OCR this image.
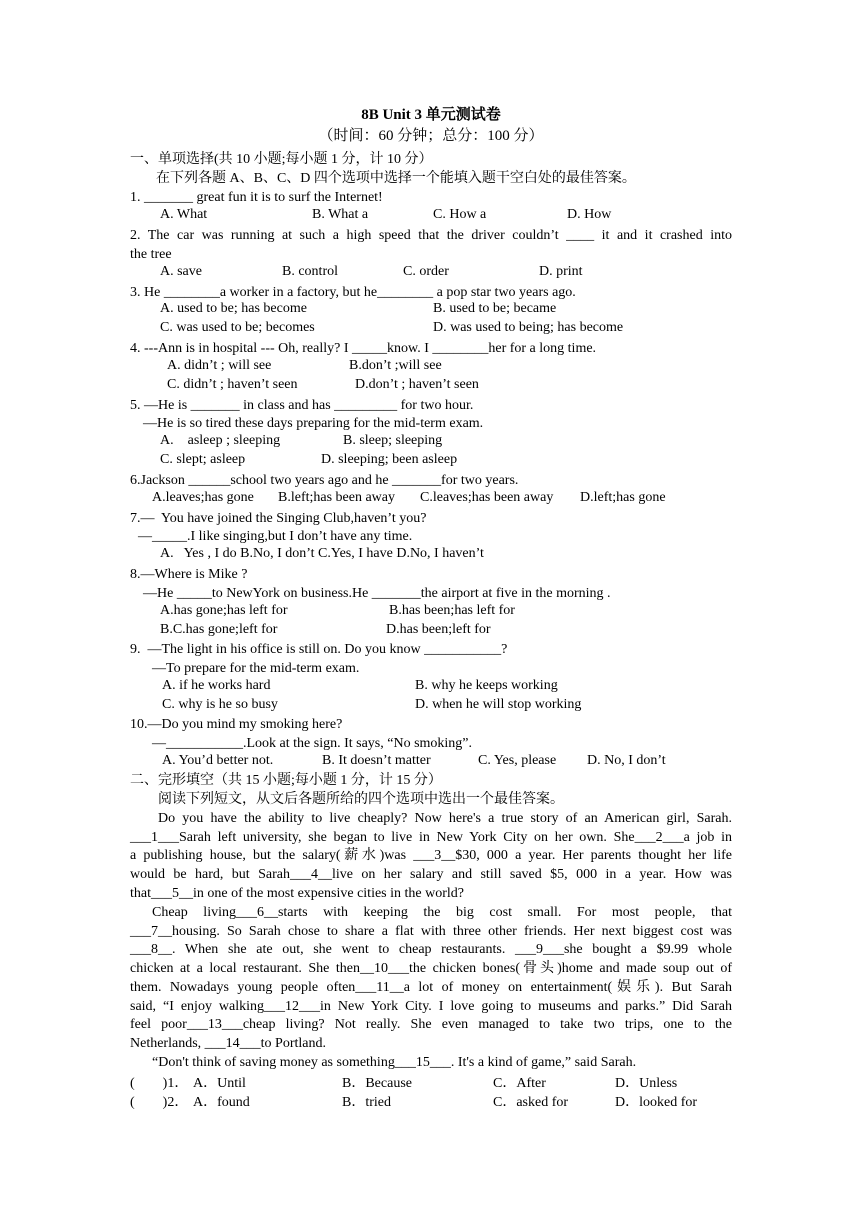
8B Unit 3 单元测试卷
（时间：60 分钟；总分：100 分）
一、单项选择(共 10 小题;每小题 1 分，计 10 分）
在下列各题 A、B、C、D 四个选项中选择一个能填入题干空白处的最佳答案。
1. _______ great fun it is to surf the Internet!
A. What	B. What a	C. How a	D. How
2. The car was running at such a high speed that the driver couldn’t ____ it and it crashed into
the tree
A. save	B. control	C. order	D. print
3. He ________a worker in a factory, but he________ a pop star two years ago.
A. used to be; has become	B. used to be; became
C. was used to be; becomes	D. was used to being; has become
4. ---Ann is in hospital --- Oh, really? I _____know. I ________her for a long time.
A. didn’t ; will see	B.don’t ;will see
C. didn’t ; haven’t seen	D.don’t ; haven’t seen
5. —He is _______ in class and has _________ for two hour.
—He is so tired these days preparing for the mid-term exam.
A.    asleep ; sleeping	B. sleep; sleeping
C. slept; asleep	D. sleeping; been asleep
6.Jackson ______school two years ago and he _______for two years.
A.leaves;has gone B.left;has been away C.leaves;has been away D.left;has gone
7.—  You have joined the Singing Club,haven’t you?
—_____.I like singing,but I don’t have any time.
A.   Yes , I do B.No, I don’t C.Yes, I have D.No, I haven’t
8.—Where is Mike ?
—He _____to NewYork on business.He _______the airport at five in the morning .
A.has gone;has left for	B.has been;has left for
B.C.has gone;left for	D.has been;left for
9.  —The light in his office is still on. Do you know ___________?
—To prepare for the mid-term exam.
A. if he works hard	B. why he keeps working
C. why is he so busy	D. when he will stop working
10.—Do you mind my smoking here?
—___________.Look at the sign. It says, “No smoking”.
A. You’d better not.	B. It doesn’t matter	C. Yes, please D. No, I don’t
二、完形填空（共 15 小题;每小题 1 分，计 15 分）
阅读下列短文，从文后各题所给的四个选项中选出一个最佳答案。
Do you have the ability to live cheaply? Now here's a true story of an American girl, Sarah.
___1___Sarah left university, she began to live in New York City on her own. She___2___a job in
a publishing house, but the salary(薪水)was ___3__$30, 000 a year. Her parents thought her life
would be hard, but Sarah___4__live on her salary and still saved $5, 000 in a year. How was
that___5__in one of the most expensive cities in the world?
Cheap living___6__starts with keeping the big cost small. For most people, that
___7__housing. So Sarah chose to share a flat with three other friends. Her next biggest cost was
___8__. When she ate out, she went to cheap restaurants. ___9___she bought a $9.99 whole
chicken at a local restaurant. She then__10___the chicken bones(骨头)home and made soup out of
them. Nowadays young people often___11__a lot of money on entertainment(娱乐). But Sarah
said, “I enjoy walking___12___in New York City. I love going to museums and parks.” Did Sarah
feel poor___13___cheap living? Not really. She even managed to take two trips, one to the
Netherlands, ___14___to Portland.
“Don't think of saving money as something___15___. It's a kind of game,” said Sarah.
(        )1． A．Until	B．Because	C．After	D．Unless
(        )2． A．found	B．tried	C．asked for	D．looked for
